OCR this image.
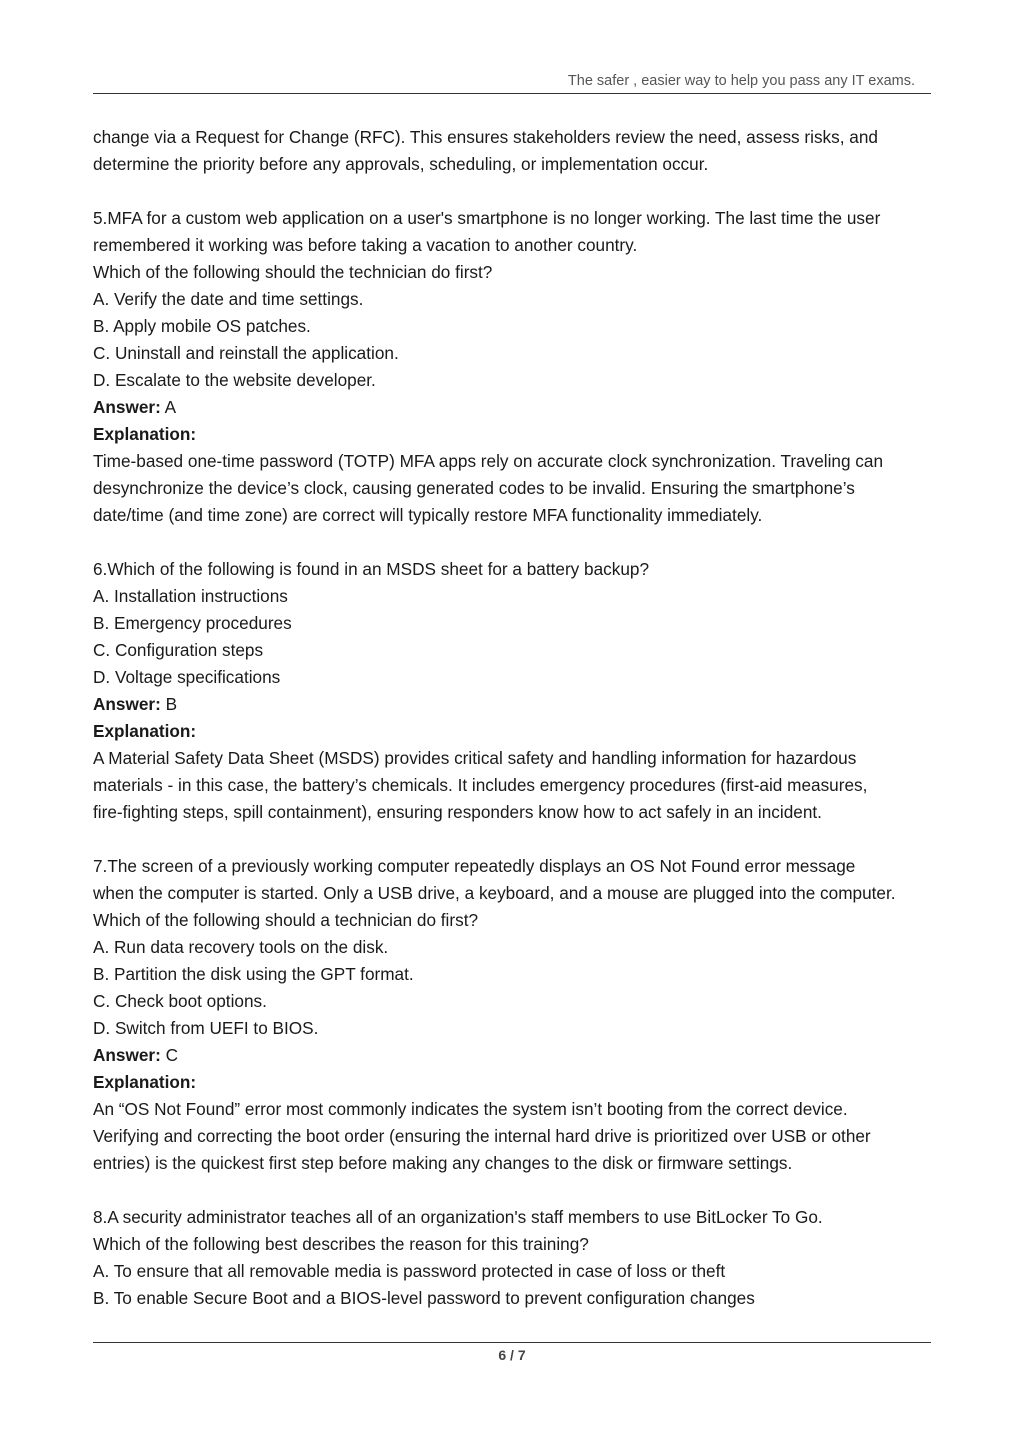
The safer , easier way to help you pass any IT exams.
change via a Request for Change (RFC). This ensures stakeholders review the need, assess risks, and
determine the priority before any approvals, scheduling, or implementation occur.
5.MFA for a custom web application on a user's smartphone is no longer working. The last time the user
remembered it working was before taking a vacation to another country.
Which of the following should the technician do first?
A. Verify the date and time settings.
B. Apply mobile OS patches.
C. Uninstall and reinstall the application.
D. Escalate to the website developer.
Answer: A
Explanation:
Time-based one-time password (TOTP) MFA apps rely on accurate clock synchronization. Traveling can
desynchronize the device’s clock, causing generated codes to be invalid. Ensuring the smartphone’s
date/time (and time zone) are correct will typically restore MFA functionality immediately.
6.Which of the following is found in an MSDS sheet for a battery backup?
A. Installation instructions
B. Emergency procedures
C. Configuration steps
D. Voltage specifications
Answer: B
Explanation:
A Material Safety Data Sheet (MSDS) provides critical safety and handling information for hazardous
materials - in this case, the battery’s chemicals. It includes emergency procedures (first-aid measures,
fire-fighting steps, spill containment), ensuring responders know how to act safely in an incident.
7.The screen of a previously working computer repeatedly displays an OS Not Found error message
when the computer is started. Only a USB drive, a keyboard, and a mouse are plugged into the computer.
Which of the following should a technician do first?
A. Run data recovery tools on the disk.
B. Partition the disk using the GPT format.
C. Check boot options.
D. Switch from UEFI to BIOS.
Answer: C
Explanation:
An “OS Not Found” error most commonly indicates the system isn’t booting from the correct device.
Verifying and correcting the boot order (ensuring the internal hard drive is prioritized over USB or other
entries) is the quickest first step before making any changes to the disk or firmware settings.
8.A security administrator teaches all of an organization's staff members to use BitLocker To Go.
Which of the following best describes the reason for this training?
A. To ensure that all removable media is password protected in case of loss or theft
B. To enable Secure Boot and a BIOS-level password to prevent configuration changes
6 / 7
